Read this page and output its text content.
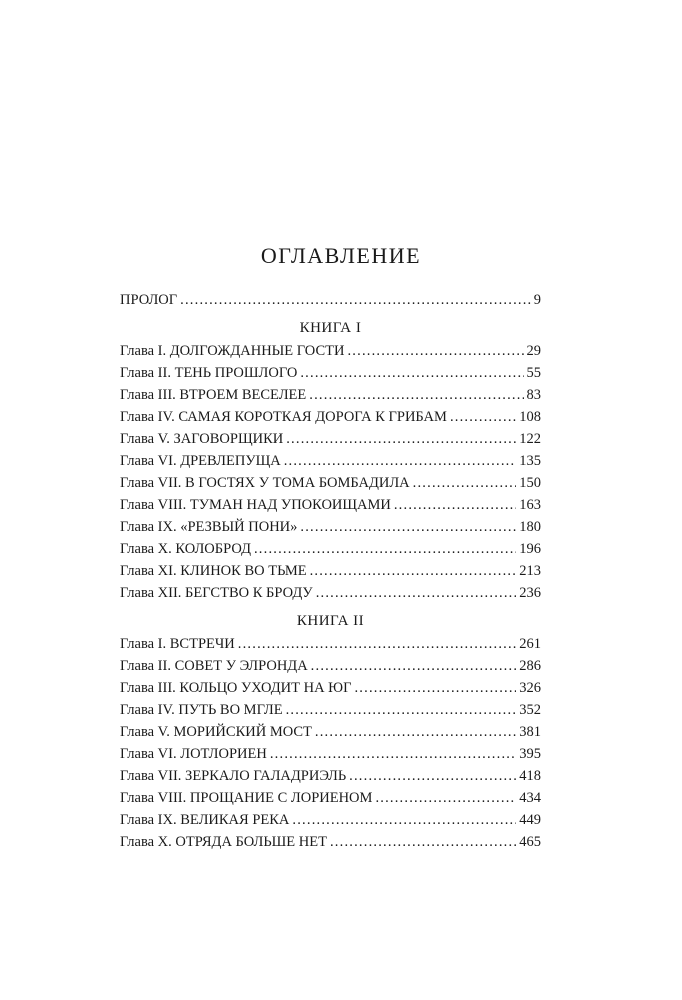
ОГЛАВЛЕНИЕ
ПРОЛОГ .....	9
КНИГА I
Глава I. ДОЛГОЖДАННЫЕ ГОСТИ .....	29
Глава II. ТЕНЬ ПРОШЛОГО .....	55
Глава III. ВТРОЕМ ВЕСЕЛЕЕ .....	83
Глава IV. САМАЯ КОРОТКАЯ ДОРОГА К ГРИБАМ .....	108
Глава V. ЗАГОВОРЩИКИ .....	122
Глава VI. ДРЕВЛЕПУЩА .....	135
Глава VII. В ГОСТЯХ У ТОМА БОМБАДИЛА .....	150
Глава VIII. ТУМАН НАД УПОКОИЩАМИ .....	163
Глава IX. «РЕЗВЫЙ ПОНИ» .....	180
Глава X. КОЛОБРОД .....	196
Глава XI. КЛИНОК ВО ТЬМЕ .....	213
Глава XII. БЕГСТВО К БРОДУ .....	236
КНИГА II
Глава I. ВСТРЕЧИ .....	261
Глава II. СОВЕТ У ЭЛРОНДА .....	286
Глава III. КОЛЬЦО УХОДИТ НА ЮГ .....	326
Глава IV. ПУТЬ ВО МГЛЕ .....	352
Глава V. МОРИЙСКИЙ МОСТ .....	381
Глава VI. ЛОТЛОРИЕН .....	395
Глава VII. ЗЕРКАЛО ГАЛАДРИЭЛЬ .....	418
Глава VIII. ПРОЩАНИЕ С ЛОРИЕНОМ .....	434
Глава IX. ВЕЛИКАЯ РЕКА .....	449
Глава X. ОТРЯДА БОЛЬШЕ НЕТ .....	465
